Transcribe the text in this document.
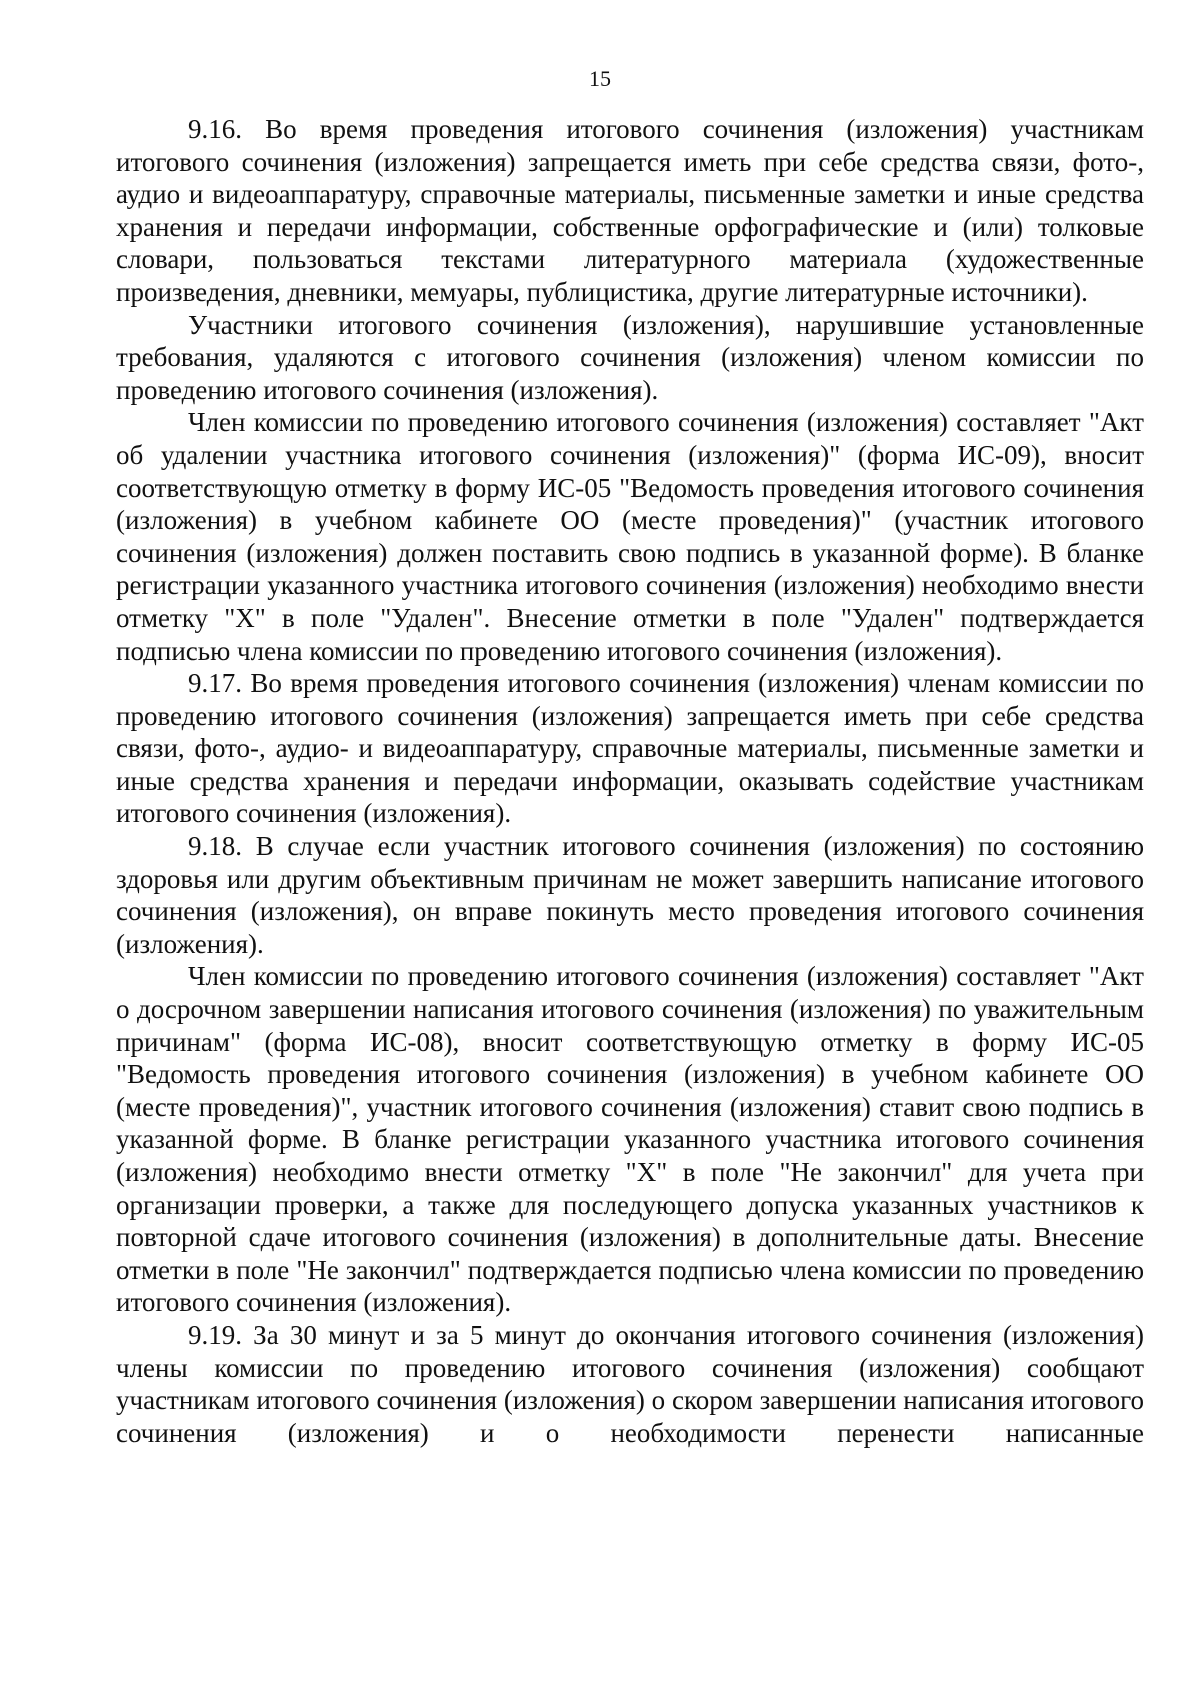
15

9.16. Во время проведения итогового сочинения (изложения) участникам итогового сочинения (изложения) запрещается иметь при себе средства связи, фото-, аудио и видеоаппаратуру, справочные материалы, письменные заметки и иные средства хранения и передачи информации, собственные орфографические и (или) толковые словари, пользоваться текстами литературного материала (художественные произведения, дневники, мемуары, публицистика, другие литературные источники).

Участники итогового сочинения (изложения), нарушившие установленные требования, удаляются с итогового сочинения (изложения) членом комиссии по проведению итогового сочинения (изложения).

Член комиссии по проведению итогового сочинения (изложения) составляет "Акт об удалении участника итогового сочинения (изложения)" (форма ИС-09), вносит соответствующую отметку в форму ИС-05 "Ведомость проведения итогового сочинения (изложения) в учебном кабинете ОО (месте проведения)" (участник итогового сочинения (изложения) должен поставить свою подпись в указанной форме). В бланке регистрации указанного участника итогового сочинения (изложения) необходимо внести отметку "Х" в поле "Удален". Внесение отметки в поле "Удален" подтверждается подписью члена комиссии по проведению итогового сочинения (изложения).

9.17. Во время проведения итогового сочинения (изложения) членам комиссии по проведению итогового сочинения (изложения) запрещается иметь при себе средства связи, фото-, аудио- и видеоаппаратуру, справочные материалы, письменные заметки и иные средства хранения и передачи информации, оказывать содействие участникам итогового сочинения (изложения).

9.18. В случае если участник итогового сочинения (изложения) по состоянию здоровья или другим объективным причинам не может завершить написание итогового сочинения (изложения), он вправе покинуть место проведения итогового сочинения (изложения).

Член комиссии по проведению итогового сочинения (изложения) составляет "Акт о досрочном завершении написания итогового сочинения (изложения) по уважительным причинам" (форма ИС-08), вносит соответствующую отметку в форму ИС-05 "Ведомость проведения итогового сочинения (изложения) в учебном кабинете ОО (месте проведения)", участник итогового сочинения (изложения) ставит свою подпись в указанной форме. В бланке регистрации указанного участника итогового сочинения (изложения) необходимо внести отметку "Х" в поле "Не закончил" для учета при организации проверки, а также для последующего допуска указанных участников к повторной сдаче итогового сочинения (изложения) в дополнительные даты. Внесение отметки в поле "Не закончил" подтверждается подписью члена комиссии по проведению итогового сочинения (изложения).

9.19. За 30 минут и за 5 минут до окончания итогового сочинения (изложения) члены комиссии по проведению итогового сочинения (изложения) сообщают участникам итогового сочинения (изложения) о скором завершении написания итогового сочинения (изложения) и о необходимости перенести написанные
